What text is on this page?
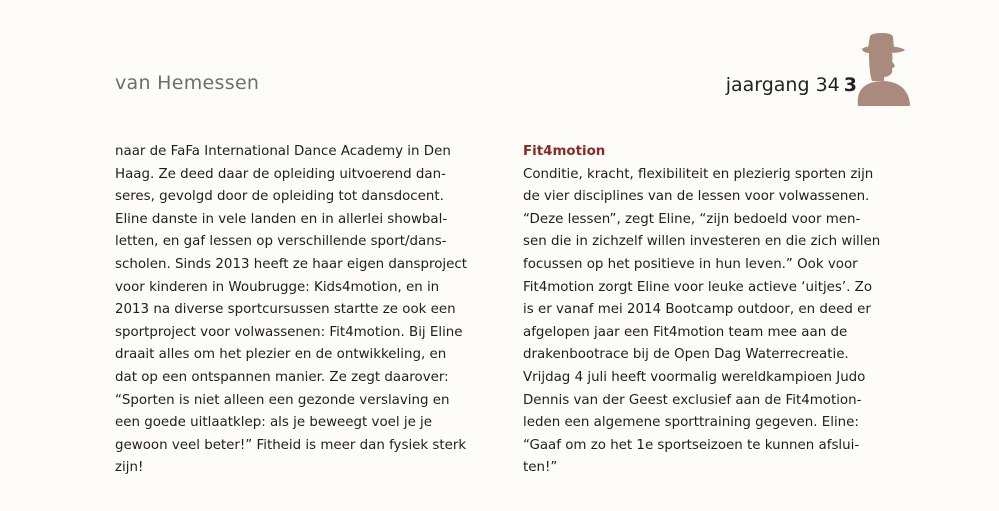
van Hemessen	jaargang 34 3
naar de FaFa International Dance Academy in Den
Haag. Ze deed daar de opleiding uitvoerend dan-
seres, gevolgd door de opleiding tot dansdocent.
Eline danste in vele landen en in allerlei showbal-
letten, en gaf lessen op verschillende sport/dans-
scholen. Sinds 2013 heeft ze haar eigen dansproject
voor kinderen in Woubrugge: Kids4motion, en in
2013 na diverse sportcursussen startte ze ook een
sportproject voor volwassenen: Fit4motion. Bij Eline
draait alles om het plezier en de ontwikkeling, en
dat op een ontspannen manier. Ze zegt daarover:
“Sporten is niet alleen een gezonde verslaving en
een goede uitlaatklep: als je beweegt voel je je
gewoon veel beter!” Fitheid is meer dan fysiek sterk
zijn!
Fit4motion
Conditie, kracht, flexibiliteit en plezierig sporten zijn
de vier disciplines van de lessen voor volwassenen.
“Deze lessen”, zegt Eline, “zijn bedoeld voor men-
sen die in zichzelf willen investeren en die zich willen
focussen op het positieve in hun leven.” Ook voor
Fit4motion zorgt Eline voor leuke actieve ‘uitjes’. Zo
is er vanaf mei 2014 Bootcamp outdoor, en deed er
afgelopen jaar een Fit4motion team mee aan de
drakenbootrace bij de Open Dag Waterrecreatie.
Vrijdag 4 juli heeft voormalig wereldkampioen Judo
Dennis van der Geest exclusief aan de Fit4motion-
leden een algemene sporttraining gegeven. Eline:
“Gaaf om zo het 1e sportseizoen te kunnen afslui-
ten!”
